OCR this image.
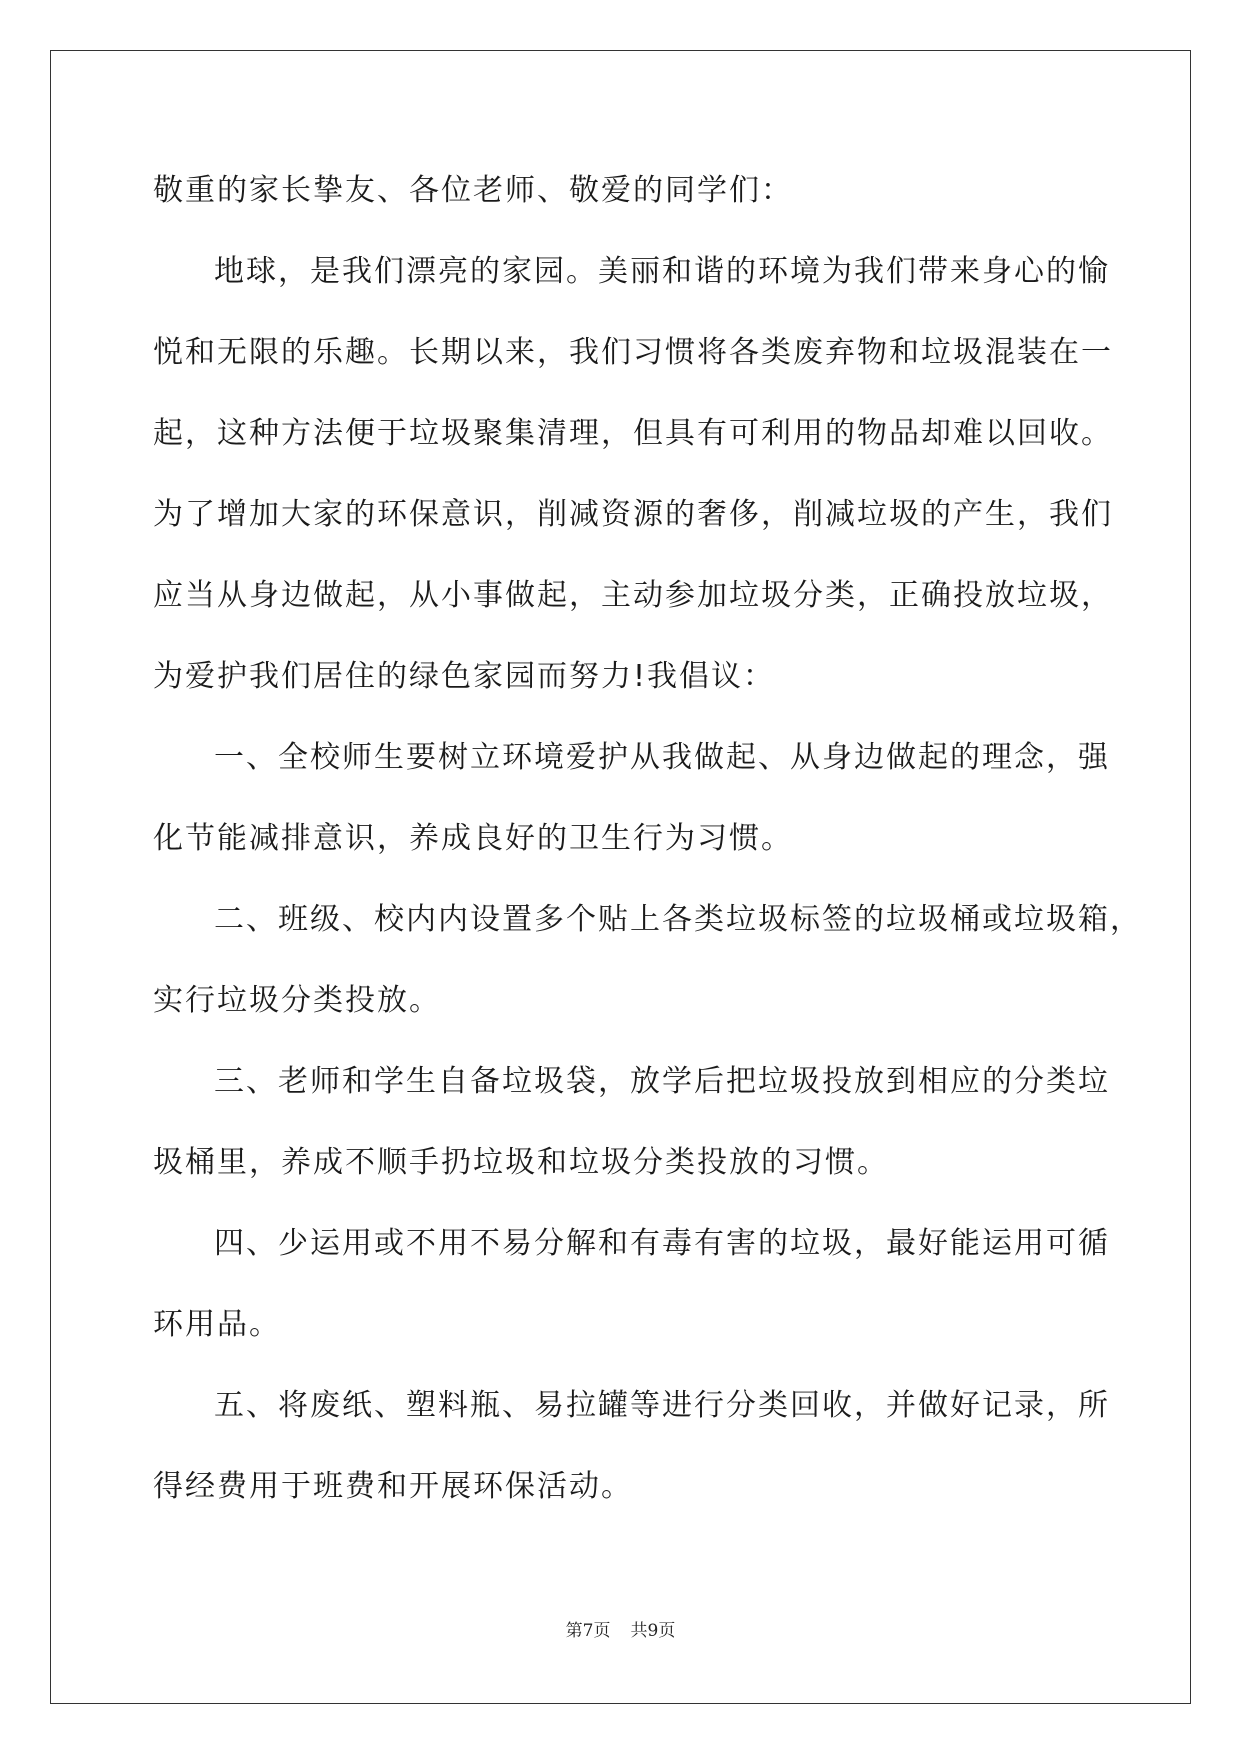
敬重的家长挚友、各位老师、敬爱的同学们：
地球，是我们漂亮的家园。美丽和谐的环境为我们带来身心的愉
悦和无限的乐趣。长期以来，我们习惯将各类废弃物和垃圾混装在一
起，这种方法便于垃圾聚集清理，但具有可利用的物品却难以回收。
为了增加大家的环保意识，削减资源的奢侈，削减垃圾的产生，我们
应当从身边做起，从小事做起，主动参加垃圾分类，正确投放垃圾，
为爱护我们居住的绿色家园而努力!我倡议：
一、全校师生要树立环境爱护从我做起、从身边做起的理念，强
化节能减排意识，养成良好的卫生行为习惯。
二、班级、校内内设置多个贴上各类垃圾标签的垃圾桶或垃圾箱，
实行垃圾分类投放。
三、老师和学生自备垃圾袋，放学后把垃圾投放到相应的分类垃
圾桶里，养成不顺手扔垃圾和垃圾分类投放的习惯。
四、少运用或不用不易分解和有毒有害的垃圾，最好能运用可循
环用品。
五、将废纸、塑料瓶、易拉罐等进行分类回收，并做好记录，所
得经费用于班费和开展环保活动。
第7页 共9页
